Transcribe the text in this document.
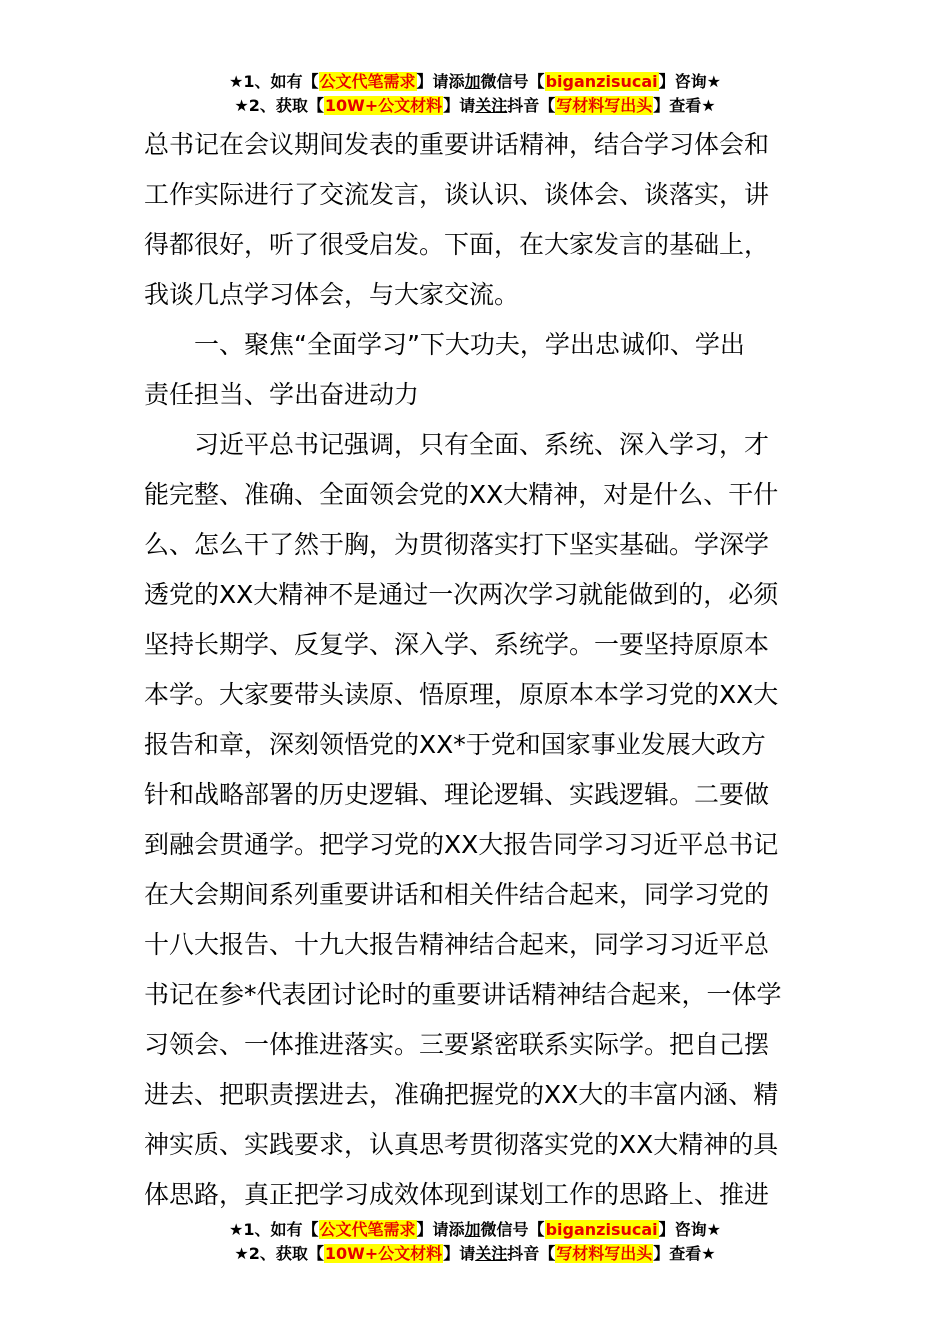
★1、如有【公文代笔需求】请添加微信号【biganzisucai】咨询★
★2、获取【10W+公文材料】请关注抖音【写材料写出头】查看★

总书记在会议期间发表的重要讲话精神，结合学习体会和
工作实际进行了交流发言，谈认识、谈体会、谈落实，讲
得都很好，听了很受启发。下面，在大家发言的基础上，
我谈几点学习体会，与大家交流。

一、聚焦“全面学习”下大功夫，学出忠诚仰、学出
责任担当、学出奋进动力

习近平总书记强调，只有全面、系统、深入学习，才
能完整、准确、全面领会党的XX大精神，对是什么、干什
么、怎么干了然于胸，为贯彻落实打下坚实基础。学深学
透党的XX大精神不是通过一次两次学习就能做到的，必须
坚持长期学、反复学、深入学、系统学。一要坚持原原本
本学。大家要带头读原、悟原理，原原本本学习党的XX大
报告和章，深刻领悟党的XX*于党和国家事业发展大政方
针和战略部署的历史逻辑、理论逻辑、实践逻辑。二要做
到融会贯通学。把学习党的XX大报告同学习习近平总书记
在大会期间系列重要讲话和相关件结合起来，同学习党的
十八大报告、十九大报告精神结合起来，同学习习近平总
书记在参*代表团讨论时的重要讲话精神结合起来，一体学
习领会、一体推进落实。三要紧密联系实际学。把自己摆
进去、把职责摆进去，准确把握党的XX大的丰富内涵、精
神实质、实践要求，认真思考贯彻落实党的XX大精神的具
体思路，真正把学习成效体现到谋划工作的思路上、推进

★1、如有【公文代笔需求】请添加微信号【biganzisucai】咨询★
★2、获取【10W+公文材料】请关注抖音【写材料写出头】查看★
